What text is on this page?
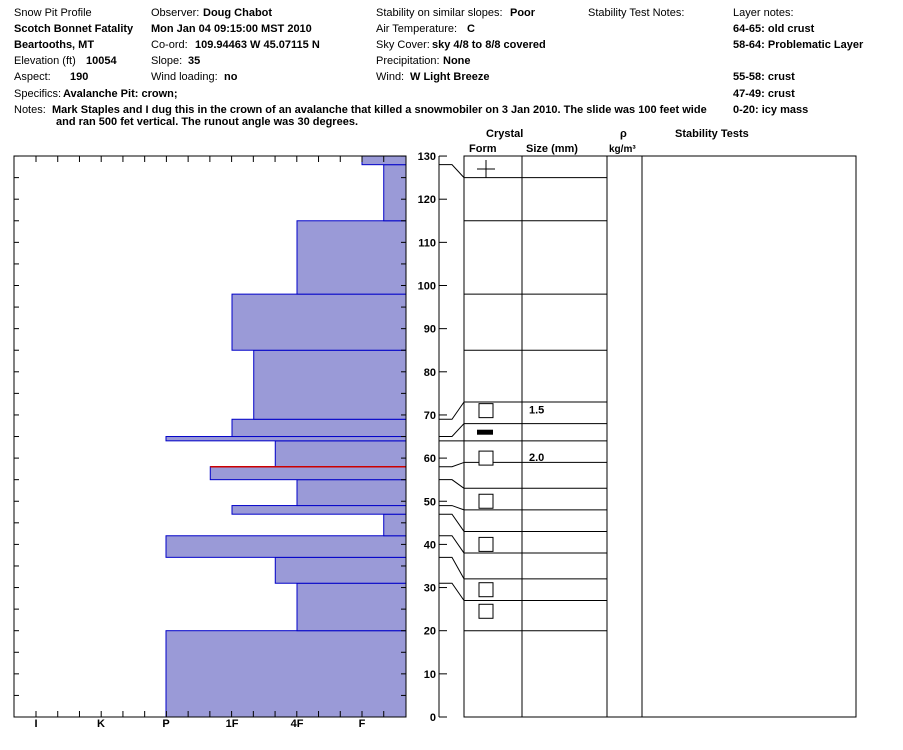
Snow Pit Profile
Scotch Bonnet Fatality
Beartooths, MT
Elevation (ft) 10054
Aspect: 190
Specifics: Avalanche Pit: crown;
Observer: Doug Chabot
Mon Jan 04 09:15:00 MST 2010
Co-ord: 109.94463 W 45.07115 N
Slope: 35
Wind loading: no
Stability on similar slopes: Poor
Air Temperature: C
Sky Cover: sky 4/8 to 8/8 covered
Precipitation: None
Wind: W Light Breeze
Stability Test Notes:	Layer notes:
64-65: old crust
58-64: Problematic Layer
55-58: crust
47-49: crust
0-20: icy mass
Notes: Mark Staples and I dug this in the crown of an avalanche that killed a snowmobiler on 3 Jan 2010. The slide was 100 feet wide
and ran 500 fet vertical. The runout angle was 30 degrees.
Crystal
Form	Size (mm)
ρ
kg/m³
Stability Tests
I	K	P	1F	4F	F	0
10
20
30
40
50
60
70
80
90
100
110
120
130
1.5
2.0
